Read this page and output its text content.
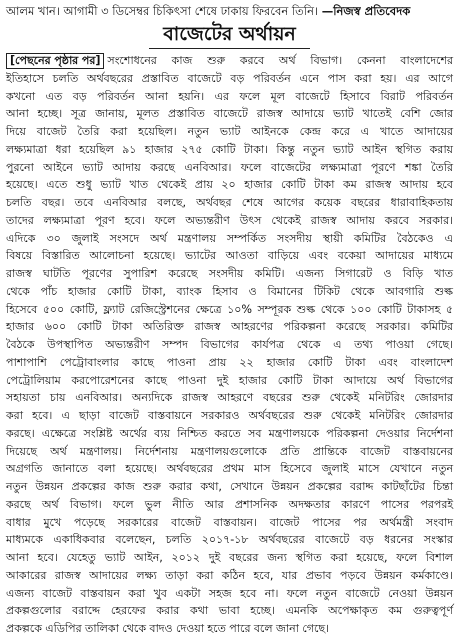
আলম খান। আগামী ৩ ডিসেম্বর চিকিৎসা শেষে ঢাকায় ফিরবেন তিনি। —নিজস্ব প্রতিবেদক
বাজেটের অর্থায়ন
[পেছনের পৃষ্ঠার পর] সংশোধনের কাজ শুরু করবে অর্থ বিভাগ। কেননা বাংলাদেশের
ইতিহাসে চলতি অর্থবছরের প্রস্তাবিত বাজেটে বড় পরিবর্তন এনে পাস করা হয়। এর আগে
কখনো এত বড় পরিবর্তন আনা হয়নি। এর ফলে মূল বাজেটে হিসাবে বিরাট পরিবর্তন
আনা হচ্ছে। সূত্র জানায়, মূলত প্রস্তাবিত বাজেটে রাজস্ব আদায়ে ভ্যাট খাতেই বেশি জোর
দিয়ে বাজেট তৈরি করা হয়েছিল। নতুন ভ্যাট আইনকে কেন্দ্র করে এ খাতে আদায়ের
লক্ষ্যমাত্রা ধরা হয়েছিল ৯১ হাজার ২৭৫ কোটি টাকা। কিন্তু নতুন ভ্যাট আইন স্থগিত করায়
পুরনো আইনে ভ্যাট আদায় করছে এনবিআর। ফলে বাজেটের লক্ষ্যমাত্রা পূরণে শঙ্কা তৈরি
হয়েছে। এতে শুধু ভ্যাট খাত থেকেই প্রায় ২০ হাজার কোটি টাকা কম রাজস্ব আদায় হবে
চলতি বছর। তবে এনবিআর বলছে, অর্থবছর শেষে আগের কয়েক বছরের ধারাবাহিকতায়
তাদের লক্ষ্যমাত্রা পূরণ হবে। ফলে অভ্যন্তরীণ উৎস থেকেই রাজস্ব আদায় করবে সরকার।
এদিকে ৩০ জুলাই সংসদে অর্থ মন্ত্রণালয় সম্পর্কিত সংসদীয় স্থায়ী কমিটির বৈঠকেও এ
বিষয়ে বিস্তারিত আলোচনা হয়েছে। ভ্যাটের আওতা বাড়িয়ে এবং বকেয়া আদায়ের মাধ্যমে
রাজস্ব ঘাটতি পূরণের সুপারিশ করেছে সংসদীয় কমিটি। এজন্য সিগারেট ও বিড়ি খাত
থেকে পাঁচ হাজার কোটি টাকা, ব্যাংক হিসাব ও বিমানের টিকিট থেকে আবগারি শুল্ক
হিসেবে ৫০০ কোটি, ফ্ল্যাট রেজিস্ট্রেশনের ক্ষেত্রে ১০% সম্পূরক শুল্ক থেকে ১০০ কোটি টাকাসহ ৫
হাজার ৬০০ কোটি টাকা অতিরিক্ত রাজস্ব আহরণের পরিকল্পনা করেছে সরকার। কমিটির
বৈঠকে উপস্থাপিত অভ্যন্তরীণ সম্পদ বিভাগের কার্যপত্র থেকে এ তথ্য পাওয়া গেছে।
পাশাপাশি পেট্রোবাংলার কাছে পাওনা প্রায় ২২ হাজার কোটি টাকা এবং বাংলাদেশ
পেট্রোলিয়াম করপোরেশনের কাছে পাওনা দুই হাজার কোটি টাকা আদায়ে অর্থ বিভাগের
সহায়তা চায় এনবিআর। অন্যদিকে রাজস্ব আহরণে বছরের শুরু থেকেই মনিটরিং জোরদার
করা হবে। এ ছাড়া বাজেট বাস্তবায়নে সরকারও অর্থবছরের শুরু থেকেই মনিটরিং জোরদার
করছে। এক্ষেত্রে সংশ্লিষ্ট অর্থের ব্যয় নিশ্চিত করতে সব মন্ত্রণালয়কে পরিকল্পনা দেওয়ার নির্দেশনা
দিয়েছে অর্থ মন্ত্রণালয়। নির্দেশনায় মন্ত্রণালয়গুলোকে প্রতি প্রান্তিকে বাজেট বাস্তবায়নের
অগ্রগতি জানাতে বলা হয়েছে। অর্থবছরের প্রথম মাস হিসেবে জুলাই মাসে যেখানে নতুন
নতুন উন্নয়ন প্রকল্পের কাজ শুরু করার কথা, সেখানে উন্নয়ন প্রকল্পের বরাদ্দ কাটছাঁটের চিন্তা
করছে অর্থ বিভাগ। ফলে ভুল নীতি আর প্রশাসনিক অদক্ষতার কারণে পাসের পরপরই
বাধার মুখে পড়েছে সরকারের বাজেট বাস্তবায়ন। বাজেট পাসের পর অর্থমন্ত্রী সংবাদ
মাধ্যমকে একাধিকবার বলেছেন, চলতি ২০১৭-১৮ অর্থবছরের বাজেটে বড় ধরনের সংস্কার
আনা হবে। যেহেতু ভ্যাট আইন, ২০১২ দুই বছরের জন্য স্থগিত করা হয়েছে, ফলে বিশাল
আকারের রাজস্ব আদায়ের লক্ষ্য তাড়া করা কঠিন হবে, যার প্রভাব পড়বে উন্নয়ন কর্মকাণ্ডে।
এজন্য বাজেট বাস্তবায়ন করা খুব একটা সহজ হবে না। ফলে নতুন বাজেটে নেওয়া উন্নয়ন
প্রকল্পগুলোর বরাদ্দে হেরফের করার কথা ভাবা হচ্ছে। এমনকি অপেক্ষাকৃত কম গুরুত্বপূর্ণ
প্রকল্পকে এডিপির তালিকা থেকে বাদও দেওয়া হতে পারে বলে জানা গেছে।
